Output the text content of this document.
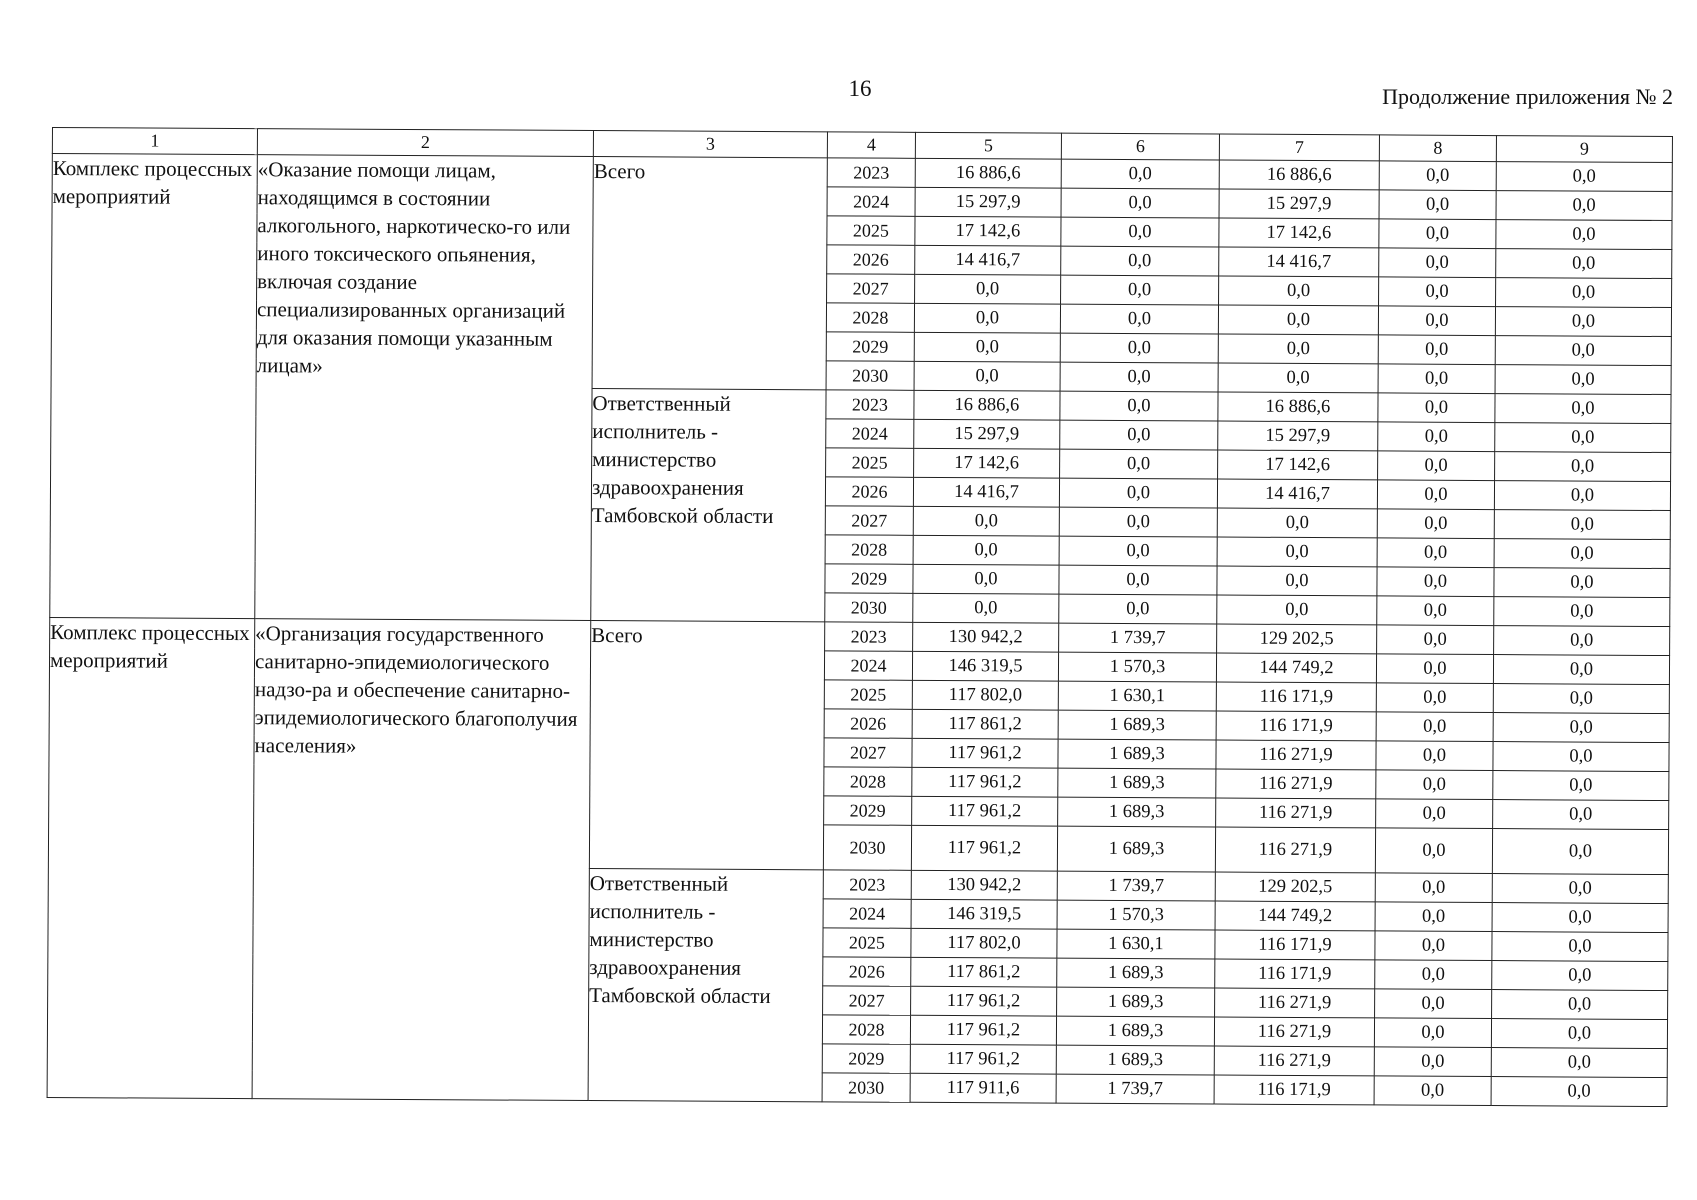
16	Продолжение приложения № 2
1	2	3	4	5	6	7	8	9
Комплекс процессных мероприятий	«Оказание помощи лицам, находящимся в состоянии алкогольного, наркотическо-го или иного токсического опьянения, включая создание специализированных организаций для оказания помощи указанным лицам»	Всего	2023	16 886,6	0,0	16 886,6	0,0	0,0
			2024	15 297,9	0,0	15 297,9	0,0	0,0
			2025	17 142,6	0,0	17 142,6	0,0	0,0
			2026	14 416,7	0,0	14 416,7	0,0	0,0
			2027	0,0	0,0	0,0	0,0	0,0
			2028	0,0	0,0	0,0	0,0	0,0
			2029	0,0	0,0	0,0	0,0	0,0
			2030	0,0	0,0	0,0	0,0	0,0
		Ответственный исполнитель - министерство здравоохранения Тамбовской области	2023	16 886,6	0,0	16 886,6	0,0	0,0
			2024	15 297,9	0,0	15 297,9	0,0	0,0
			2025	17 142,6	0,0	17 142,6	0,0	0,0
			2026	14 416,7	0,0	14 416,7	0,0	0,0
			2027	0,0	0,0	0,0	0,0	0,0
			2028	0,0	0,0	0,0	0,0	0,0
			2029	0,0	0,0	0,0	0,0	0,0
			2030	0,0	0,0	0,0	0,0	0,0
Комплекс процессных мероприятий	«Организация государственного санитарно-эпидемиологического надзо-ра и обеспечение санитарно-эпидемиологического благополучия населения»	Всего	2023	130 942,2	1 739,7	129 202,5	0,0	0,0
			2024	146 319,5	1 570,3	144 749,2	0,0	0,0
			2025	117 802,0	1 630,1	116 171,9	0,0	0,0
			2026	117 861,2	1 689,3	116 171,9	0,0	0,0
			2027	117 961,2	1 689,3	116 271,9	0,0	0,0
			2028	117 961,2	1 689,3	116 271,9	0,0	0,0
			2029	117 961,2	1 689,3	116 271,9	0,0	0,0
			2030	117 961,2	1 689,3	116 271,9	0,0	0,0
		Ответственный исполнитель - министерство здравоохранения Тамбовской области	2023	130 942,2	1 739,7	129 202,5	0,0	0,0
			2024	146 319,5	1 570,3	144 749,2	0,0	0,0
			2025	117 802,0	1 630,1	116 171,9	0,0	0,0
			2026	117 861,2	1 689,3	116 171,9	0,0	0,0
			2027	117 961,2	1 689,3	116 271,9	0,0	0,0
			2028	117 961,2	1 689,3	116 271,9	0,0	0,0
			2029	117 961,2	1 689,3	116 271,9	0,0	0,0
			2030	117 911,6	1 739,7	116 171,9	0,0	0,0
